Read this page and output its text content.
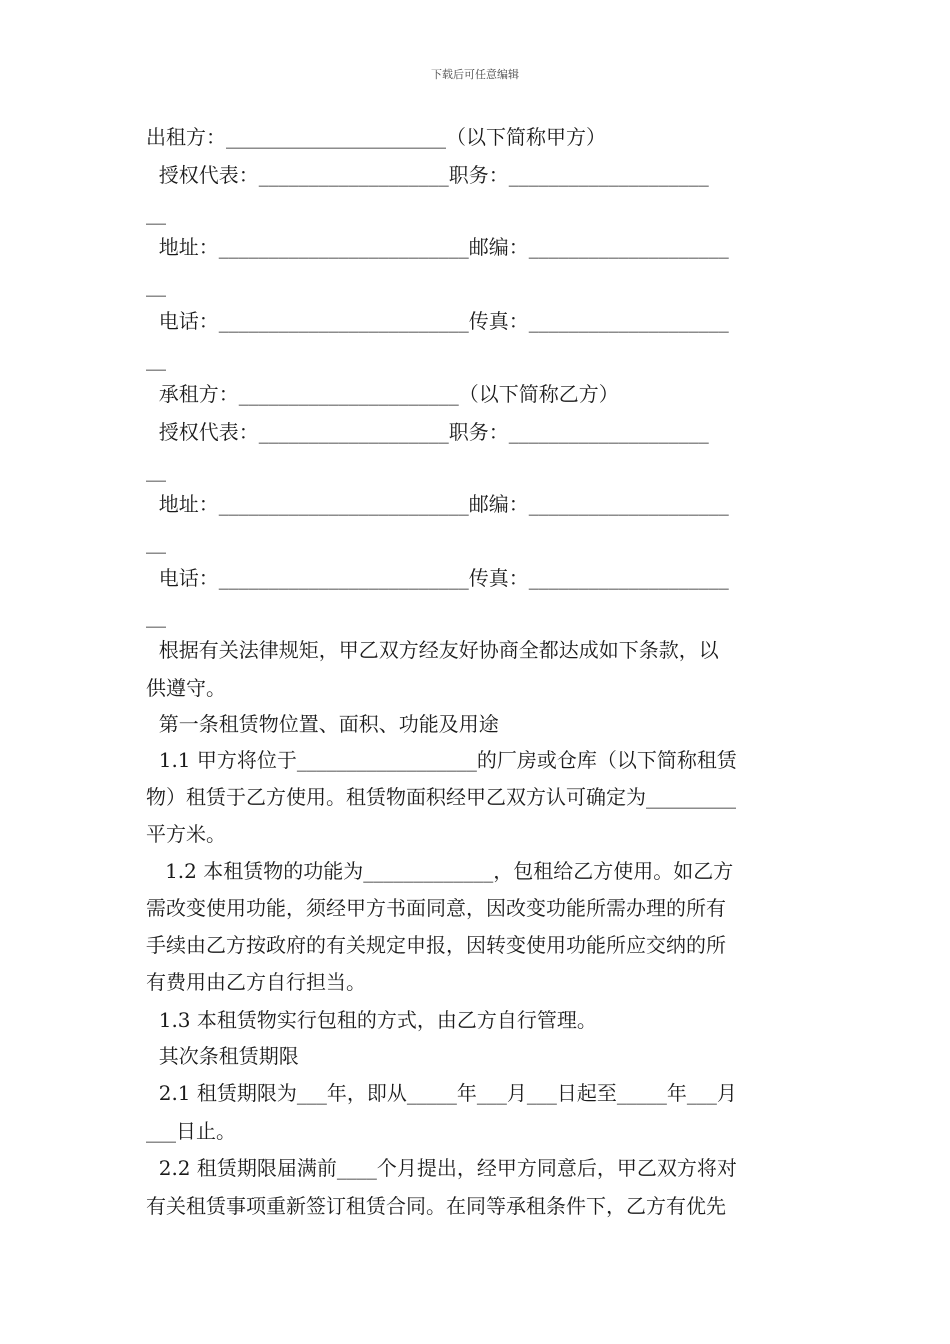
下载后可任意编辑
出租方：______________________（以下简称甲方）
授权代表：___________________职务：____________________
__
地址：_________________________邮编：____________________
__
电话：_________________________传真：____________________
__
承租方：______________________（以下简称乙方）
授权代表：___________________职务：____________________
__
地址：_________________________邮编：____________________
__
电话：_________________________传真：____________________
__
根据有关法律规矩，甲乙双方经友好协商全都达成如下条款，以
供遵守。
第一条租赁物位置、面积、功能及用途
1.1 甲方将位于__________________的厂房或仓库（以下简称租赁
物）租赁于乙方使用。租赁物面积经甲乙双方认可确定为_________
平方米。
1.2 本租赁物的功能为_____________，包租给乙方使用。如乙方
需改变使用功能，须经甲方书面同意，因改变功能所需办理的所有
手续由乙方按政府的有关规定申报，因转变使用功能所应交纳的所
有费用由乙方自行担当。
1.3 本租赁物实行包租的方式，由乙方自行管理。
其次条租赁期限
2.1 租赁期限为___年，即从_____年___月___日起至_____年___月
___日止。
2.2 租赁期限届满前____个月提出，经甲方同意后，甲乙双方将对
有关租赁事项重新签订租赁合同。在同等承租条件下，乙方有优先
